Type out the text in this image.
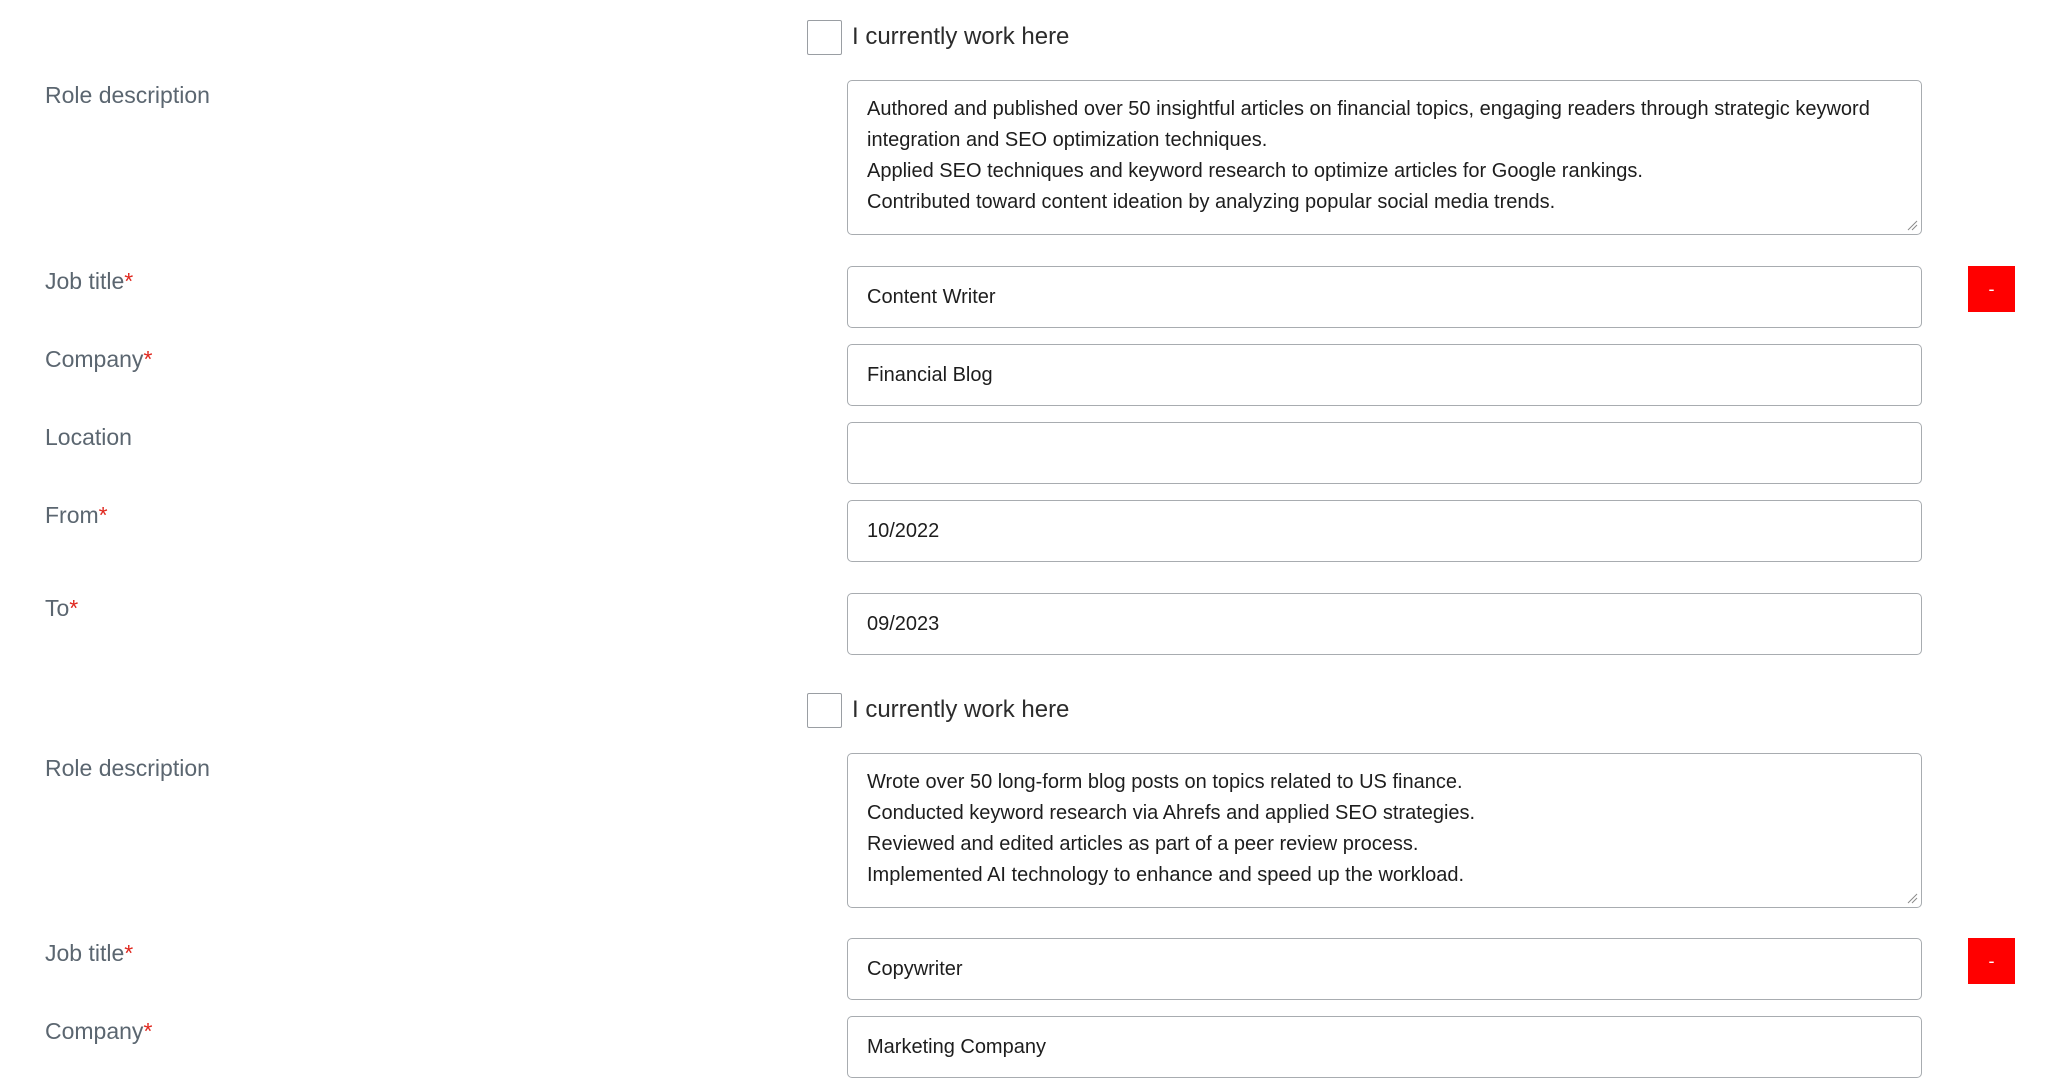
I currently work here
Role description
Authored and published over 50 insightful articles on financial topics, engaging readers through strategic keyword integration and SEO optimization techniques.
Applied SEO techniques and keyword research to optimize articles for Google rankings.
Contributed toward content ideation by analyzing popular social media trends.
Job title*
Content Writer	-
Company*
Financial Blog
Location
From*
10/2022
To*
09/2023
I currently work here
Role description
Wrote over 50 long-form blog posts on topics related to US finance.
Conducted keyword research via Ahrefs and applied SEO strategies.
Reviewed and edited articles as part of a peer review process.
Implemented AI technology to enhance and speed up the workload.
Job title*
Copywriter	-
Company*
Marketing Company
